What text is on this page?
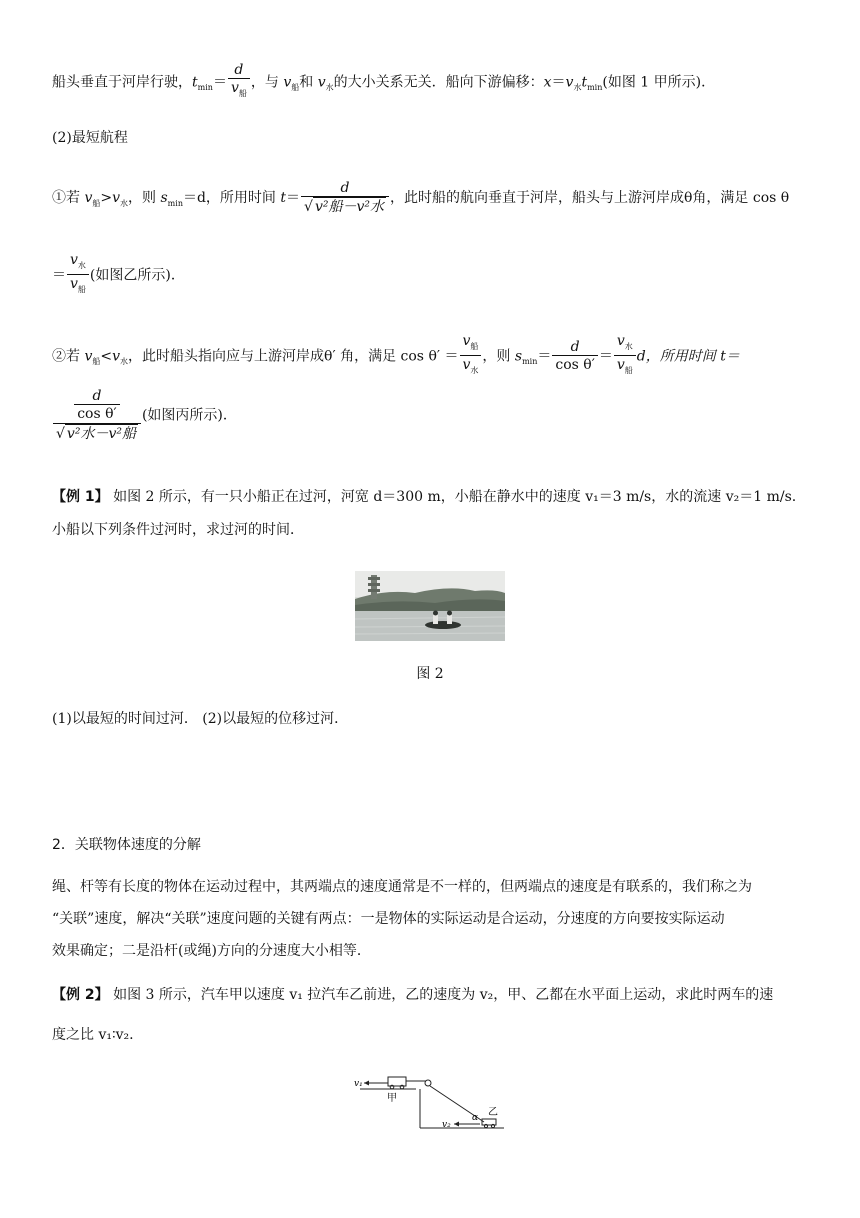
船头垂直于河岸行驶，$t_{min}= \frac{d}{v_船}$ ，与 $v_船$和 $v_水$的大小关系无关．船向下游偏移：$x=v_水t_{min}$(如图 1 甲所示)．
(2)最短航程
①若 $v_船>v_水$，则 $s_{min}=d$，所用时间 $t= \frac{d}{\text{√ v²船－v²水}}$ ，此时船的航向垂直于河岸，船头与上游河岸成θ角，满足 cos θ
＝ $\frac{v_水}{v_船}$ (如图乙所示)．
②若 $v_船<v_水$，此时船头指向应与上游河岸成θ′ 角，满足 $\cos \theta' = \frac{v_船}{v_水}$ ，则 $s_{min}= \frac{d}{\text{cos θ′}} = \frac{v_水}{v_船}$ d，所用时间 t＝
$\frac{\frac{d}{\text{cos θ′}}}{\text{√ v²水－v²船}}$ (如图丙所示)．
【例 1】 如图 2 所示，有一只小船正在过河，河宽 d＝300 m，小船在静水中的速度 v₁＝3 m/s，水的流速 v₂＝1 m/s.
小船以下列条件过河时，求过河的时间．
图 2
(1)以最短的时间过河． (2)以最短的位移过河．
2．关联物体速度的分解
绳、杆等有长度的物体在运动过程中，其两端点的速度通常是不一样的，但两端点的速度是有联系的，我们称之为
“关联”速度，解决“关联”速度问题的关键有两点：一是物体的实际运动是合运动，分速度的方向要按实际运动
效果确定；二是沿杆(或绳)方向的分速度大小相等．
【例 2】 如图 3 所示，汽车甲以速度 v₁ 拉汽车乙前进，乙的速度为 v₂，甲、乙都在水平面上运动，求此时两车的速
度之比 v₁∶v₂.
v₁
甲
v₂
α 乙
